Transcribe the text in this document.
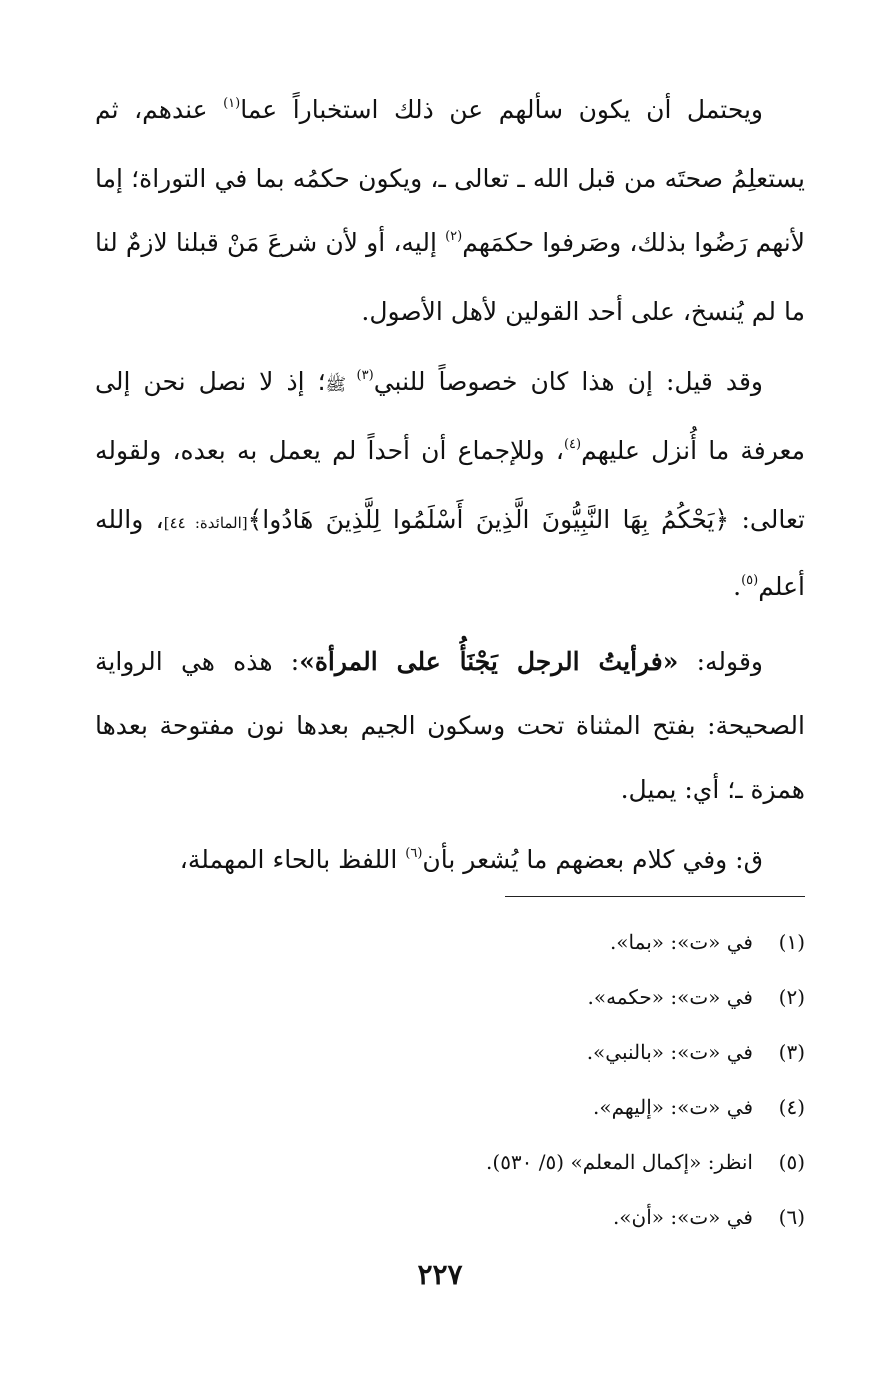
ويحتمل أن يكون سألهم عن ذلك استخباراً عما$^{(١)}$ عندهم، ثم يستعلِمُ صحتَه من قبل الله ـ تعالى ـ، ويكون حكمُه بما في التوراة؛ إما لأنهم رَضُوا بذلك، وصَرفوا حكمَهم$^{(٢)}$ إليه، أو لأن شرعَ مَنْ قبلنا لازمٌ لنا ما لم يُنسخ، على أحد القولين لأهل الأصول.

وقد قيل: إن هذا كان خصوصاً للنبي$^{(٣)}$ ﷺ؛ إذ لا نصل نحن إلى معرفة ما أُنزل عليهم$^{(٤)}$، وللإجماع أن أحداً لم يعمل به بعده، ولقوله تعالى: ﴿يَحْكُمُ بِهَا النَّبِيُّونَ الَّذِينَ أَسْلَمُوا لِلَّذِينَ هَادُوا﴾[المائدة: ٤٤]، والله أعلم$^{(٥)}$.

وقوله: «فرأيتُ الرجل يَجْنَأُ على المرأة»: هذه هي الرواية الصحيحة: بفتح المثناة تحت وسكون الجيم بعدها نون مفتوحة بعدها همزة ـ؛ أي: يميل.

ق: وفي كلام بعضهم ما يُشعر بأن$^{(٦)}$ اللفظ بالحاء المهملة،

(١)
في «ت»: «بما».
(٢)
في «ت»: «حكمه».
(٣)
في «ت»: «بالنبي».
(٤)
في «ت»: «إليهم».
(٥)
انظر: «إكمال المعلم» (٥/ ٥٣٠).
(٦)
في «ت»: «أن».
٢٢٧
